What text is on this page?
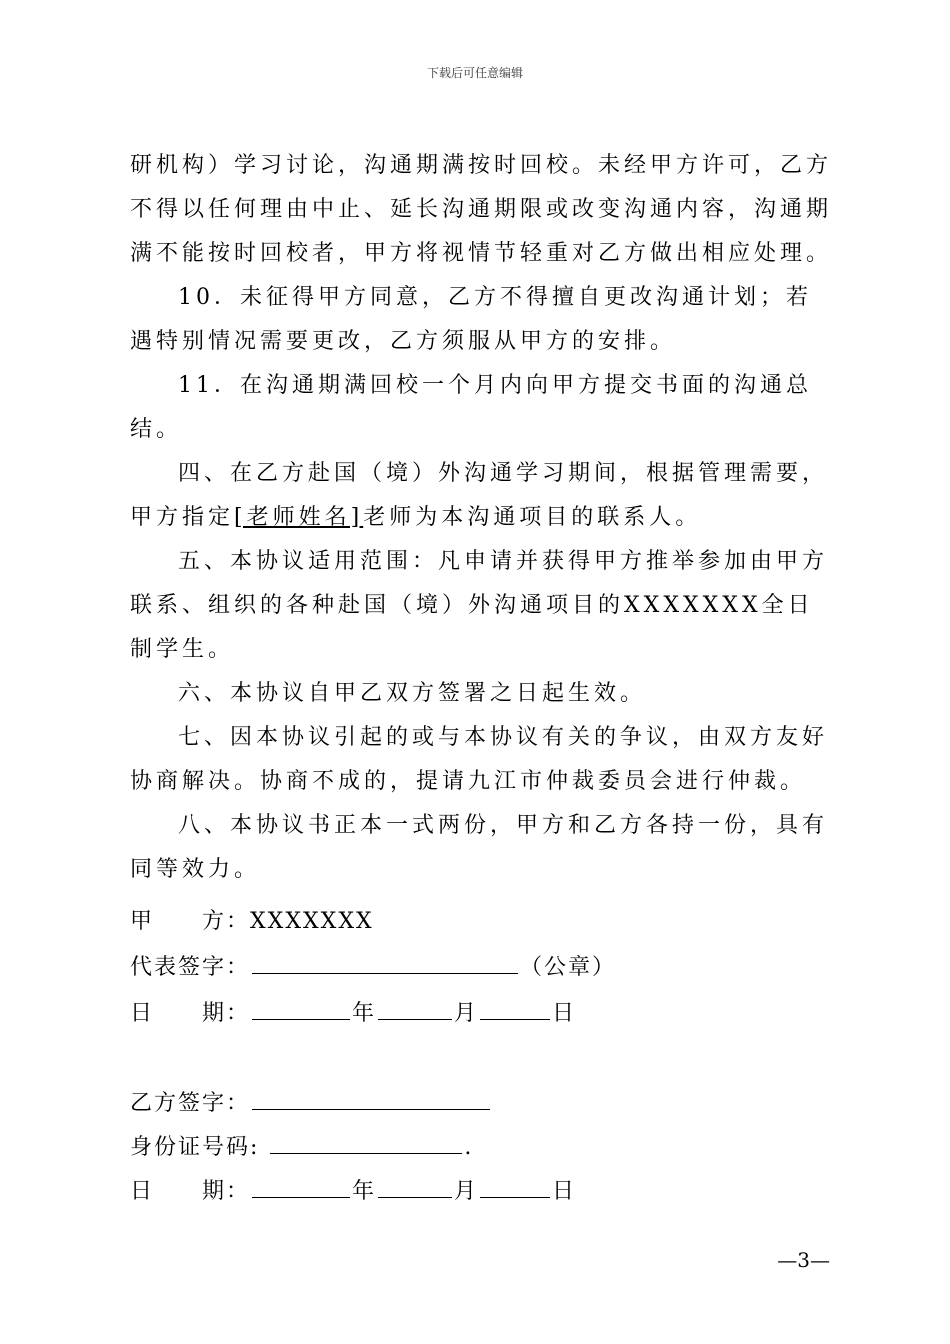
下载后可任意编辑

研机构）学习讨论，沟通期满按时回校。未经甲方许可，乙方不得以任何理由中止、延长沟通期限或改变沟通内容，沟通期满不能按时回校者，甲方将视情节轻重对乙方做出相应处理。

10．未征得甲方同意，乙方不得擅自更改沟通计划；若遇特别情况需要更改，乙方须服从甲方的安排。

11．在沟通期满回校一个月内向甲方提交书面的沟通总结。

四、在乙方赴国（境）外沟通学习期间，根据管理需要，甲方指定[老师姓名]老师为本沟通项目的联系人。

五、本协议适用范围：凡申请并获得甲方推举参加由甲方联系、组织的各种赴国（境）外沟通项目的XXXXXXX全日制学生。

六、本协议自甲乙双方签署之日起生效。

七、因本协议引起的或与本协议有关的争议，由双方友好协商解决。协商不成的，提请九江市仲裁委员会进行仲裁。

八、本协议书正本一式两份，甲方和乙方各持一份，具有同等效力。

甲　　方：XXXXXXX
代表签字：	（公章）
日　　期：	年	月	日
乙方签字：
身份证号码:	.
日　　期：	年	月	日
—3—
